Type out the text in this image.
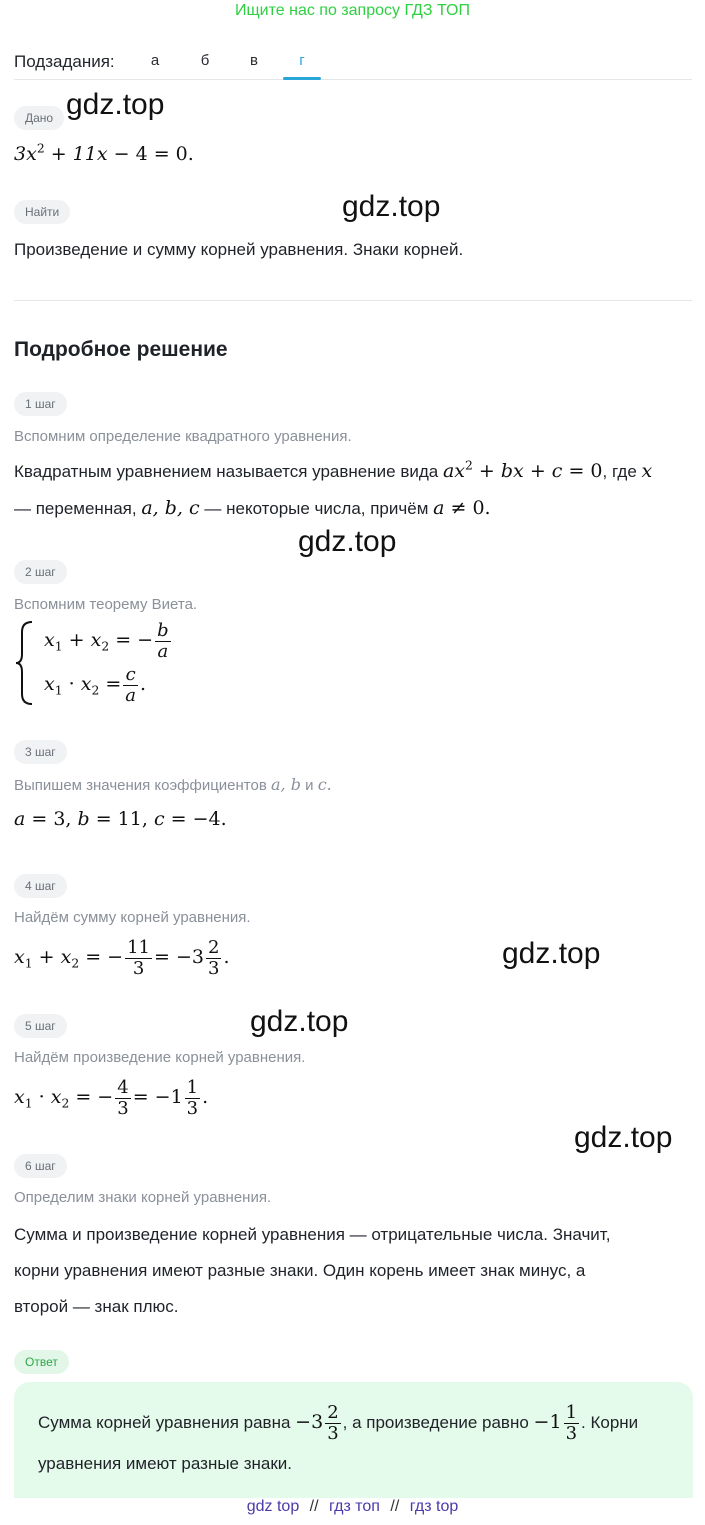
Ищите нас по запросу ГДЗ ТОП
Подзадания:	а	б	в	г
Дано
$3x^2 + 11x - 4 = 0$.
Найти
Произведение и сумму корней уравнения. Знаки корней.
Подробное решение
1 шаг
Вспомним определение квадратного уравнения.
Квадратным уравнением называется уравнение вида $ax^2$ + bx + c = 0, где x
— переменная, a, b, c — некоторые числа, причём a ≠ 0.
2 шаг
Вспомним теорему Виета.
$x_1 + x_2$ = − $\frac{b}{a}$
$x_1 \cdot x_2 = \frac{c}{a}$ .
3 шаг
Выпишем значения коэффициентов a, b и c.
a = 3, b = 11, c = −4.
4 шаг
Найдём сумму корней уравнения.
$x_1 + x_2$ = − $\frac{11}{3} = -3 \frac{2}{3}$ .
5 шаг
Найдём произведение корней уравнения.
$x_1 \cdot x_2$ = − $\frac{4}{3} = -1 \frac{1}{3}$ .
6 шаг
Определим знаки корней уравнения.
Сумма и произведение корней уравнения — отрицательные числа. Значит,
корни уравнения имеют разные знаки. Один корень имеет знак минус, а
второй — знак плюс.
Ответ
Сумма корней уравнения равна $-3 \frac{2}{3}$ , а произведение равно $-1 \frac{1}{3}$ . Корни
уравнения имеют разные знаки.
gdz.top
gdz.top
gdz.top
gdz.top
gdz.top
gdz.top
gdz top // гдз топ // гдз top
